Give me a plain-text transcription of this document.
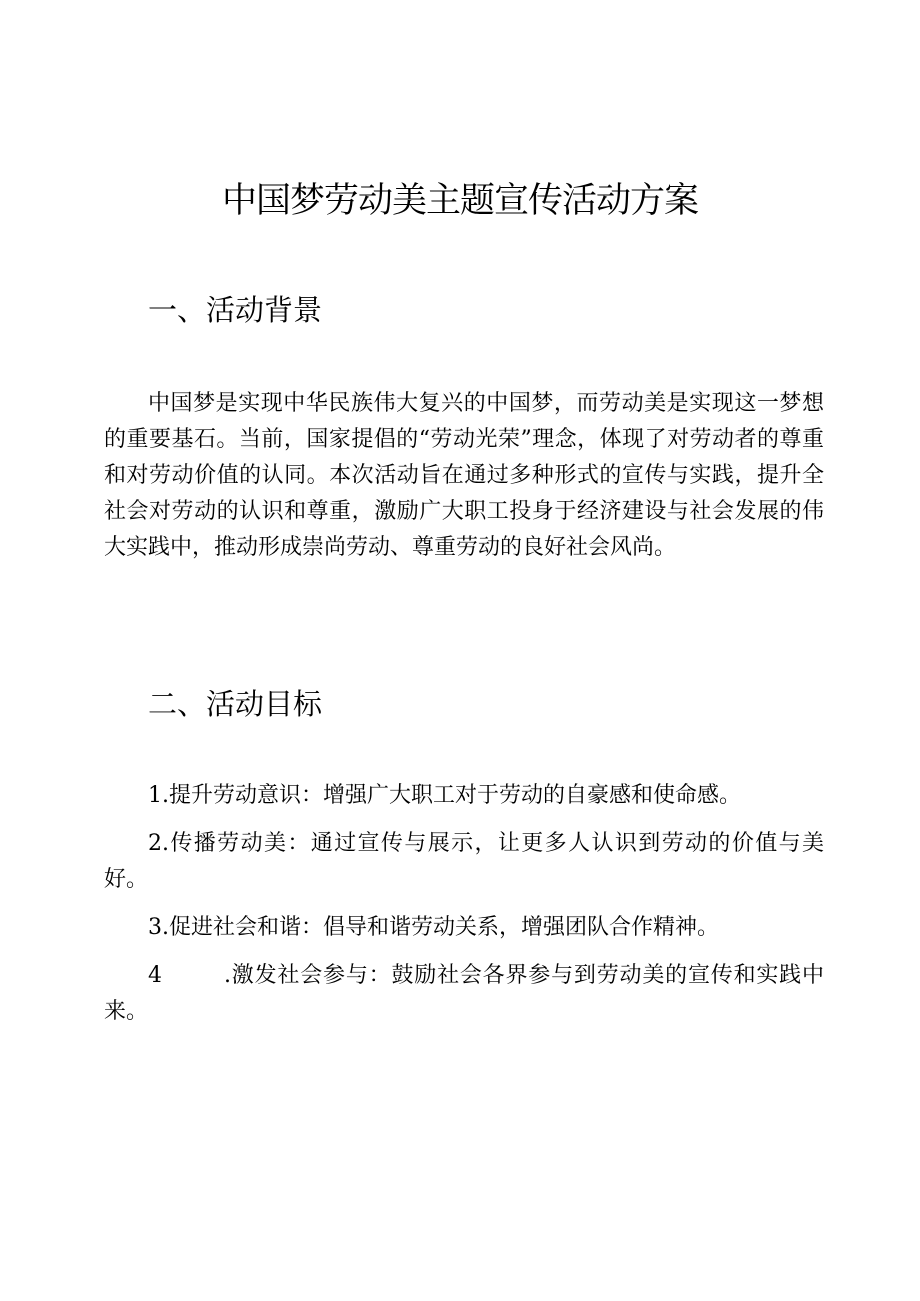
中国梦劳动美主题宣传活动方案
一、活动背景

中国梦是实现中华民族伟大复兴的中国梦，而劳动美是实现这一梦想的重要基石。当前，国家提倡的“劳动光荣”理念，体现了对劳动者的尊重和对劳动价值的认同。本次活动旨在通过多种形式的宣传与实践，提升全社会对劳动的认识和尊重，激励广大职工投身于经济建设与社会发展的伟大实践中，推动形成崇尚劳动、尊重劳动的良好社会风尚。

二、活动目标
1.提升劳动意识：增强广大职工对于劳动的自豪感和使命感。
2.传播劳动美：通过宣传与展示，让更多人认识到劳动的价值与美好。
3.促进社会和谐：倡导和谐劳动关系，增强团队合作精神。
4	.激发社会参与：鼓励社会各界参与到劳动美的宣传和实践中来。
